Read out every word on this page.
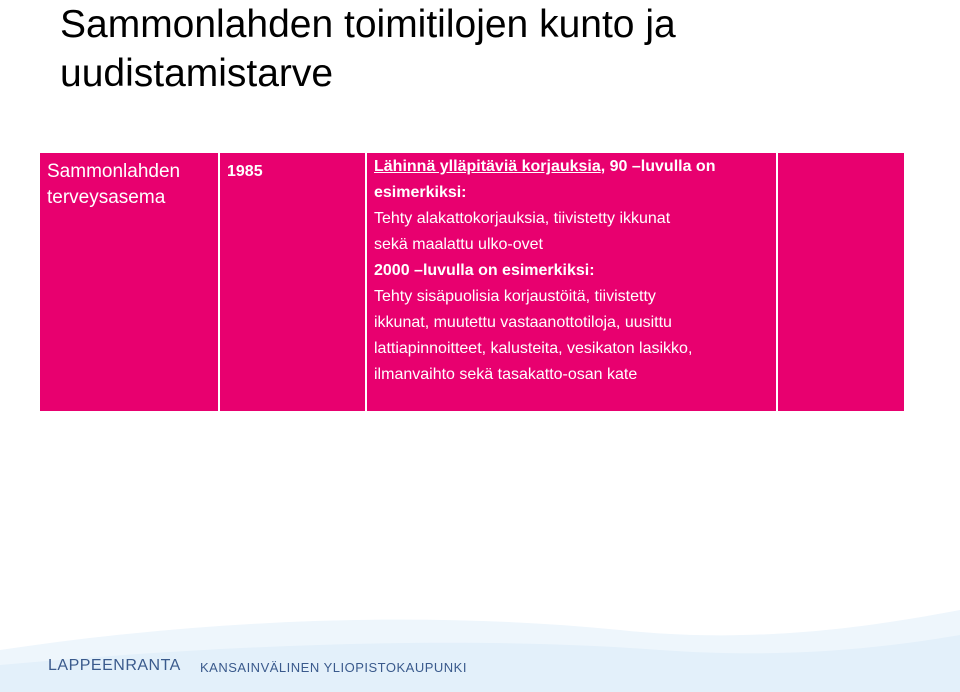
Sammonlahden toimitilojen kunto ja
uudistamistarve
Sammonlahden
terveysasema
1985	Lähinnä ylläpitäviä korjauksia, 90 –luvulla on
esimerkiksi:
Tehty alakattokorjauksia, tiivistetty ikkunat
sekä maalattu ulko-ovet
2000 –luvulla on esimerkiksi:
Tehty sisäpuolisia korjaustöitä, tiivistetty
ikkunat, muutettu vastaanottotiloja, uusittu
lattiapinnoitteet, kalusteita, vesikaton lasikko,
ilmanvaihto sekä tasakatto-osan kate
LAPPEENRANTA KANSAINVÄLINEN YLIOPISTOKAUPUNKI
